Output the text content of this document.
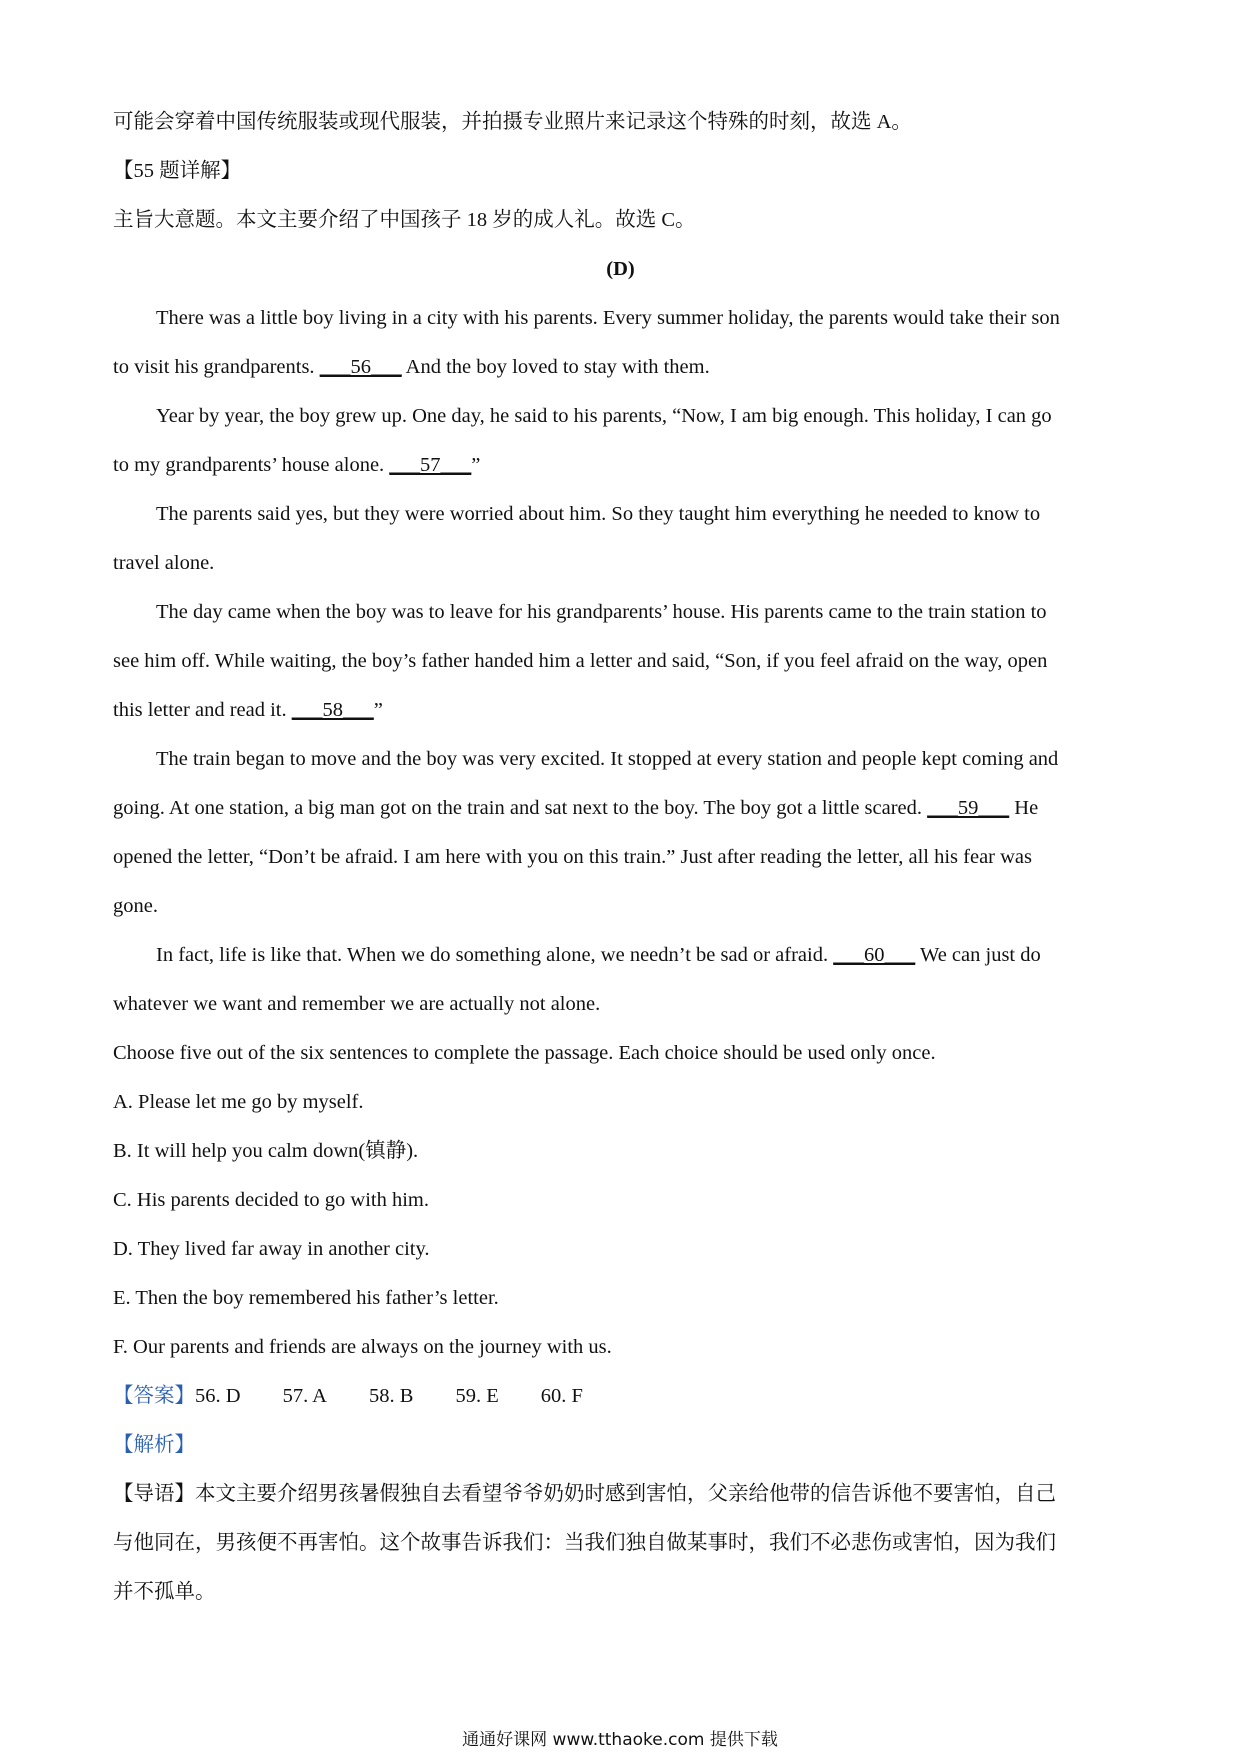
可能会穿着中国传统服装或现代服装，并拍摄专业照片来记录这个特殊的时刻，故选 A。
【55 题详解】
主旨大意题。本文主要介绍了中国孩子 18 岁的成人礼。故选 C。
(D)
There was a little boy living in a city with his parents. Every summer holiday, the parents would take their son
to visit his grandparents. ___56___ And the boy loved to stay with them.
Year by year, the boy grew up. One day, he said to his parents, “Now, I am big enough. This holiday, I can go
to my grandparents’ house alone. ___57___”
The parents said yes, but they were worried about him. So they taught him everything he needed to know to
travel alone.
The day came when the boy was to leave for his grandparents’ house. His parents came to the train station to
see him off. While waiting, the boy’s father handed him a letter and said, “Son, if you feel afraid on the way, open
this letter and read it. ___58___”
The train began to move and the boy was very excited. It stopped at every station and people kept coming and
going. At one station, a big man got on the train and sat next to the boy. The boy got a little scared. ___59___ He
opened the letter, “Don’t be afraid. I am here with you on this train.” Just after reading the letter, all his fear was
gone.
In fact, life is like that. When we do something alone, we needn’t be sad or afraid. ___60___ We can just do
whatever we want and remember we are actually not alone.
Choose five out of the six sentences to complete the passage. Each choice should be used only once.
A. Please let me go by myself.
B. It will help you calm down(镇静).
C. His parents decided to go with him.
D. They lived far away in another city.
E. Then the boy remembered his father’s letter.
F. Our parents and friends are always on the journey with us.
【答案】56. D 57. A 58. B 59. E 60. F
【解析】
【导语】本文主要介绍男孩暑假独自去看望爷爷奶奶时感到害怕，父亲给他带的信告诉他不要害怕，自己
与他同在，男孩便不再害怕。这个故事告诉我们：当我们独自做某事时，我们不必悲伤或害怕，因为我们
并不孤单。
通通好课网 www.tthaoke.com 提供下载
